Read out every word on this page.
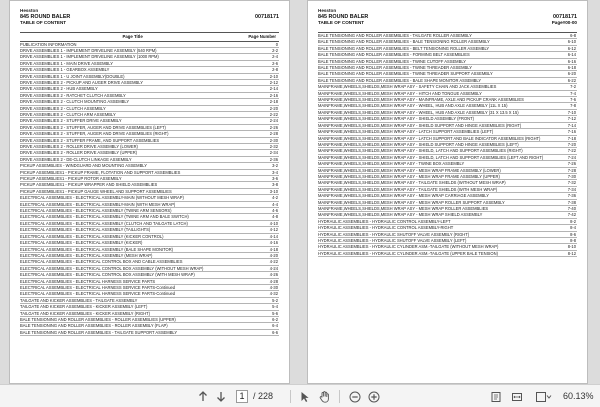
Hesston
845 ROUND BALER
TABLE OF CONTENT
00718171
Page Title	Page Number
PUBLICATION INFORMATION	0
DRIVE ASSEMBLIES 1 - IMPLEMENT DRIVELINE ASSEMBLY (540 RPM)	2-2
DRIVE ASSEMBLIES 1 - IMPLEMENT DRIVELINE ASSEMBLY (1000 RPM)	2-4
DRIVE ASSEMBLIES 1 - MAIN DRIVE ASSEMBLY	2-6
DRIVE ASSEMBLIES 1 - GEARBOX ASSEMBLY	2-8
DRIVE ASSEMBLIES 1 - U JOINT ASSEMBLY(DOUBLE)	2-10
DRIVE ASSEMBLIES 2 - PICKUP AND AUGER DRIVE ASSEMBLY	2-12
DRIVE ASSEMBLIES 2 - HUB ASSEMBLY	2-14
DRIVE ASSEMBLIES 2 - RATCHET CLUTCH ASSEMBLY	2-16
DRIVE ASSEMBLIES 2 - CLUTCH MOUNTING ASSEMBLY	2-18
DRIVE ASSEMBLIES 2 - CLUTCH ASSEMBLY	2-20
DRIVE ASSEMBLIES 2 - CLUTCH ARM ASSEMBLY	2-22
DRIVE ASSEMBLIES 2 - STUFFER DRIVE ASSEMBLY	2-24
DRIVE ASSEMBLIES 2 - STUFFER, AUGER AND DRIVE ASSEMBLIES (LEFT)	2-26
DRIVE ASSEMBLIES 2 - STUFFER, AUGER AND DRIVE ASSEMBLIES (RIGHT)	2-28
DRIVE ASSEMBLIES 2 - STUFFER FRAME, AND SUPPORT ASSEMBLIES	2-30
DRIVE ASSEMBLIES 2 - ROLLER DRIVE ASSEMBLY (LOWER)	2-32
DRIVE ASSEMBLIES 2 - ROLLER DRIVE ASSEMBLY (UPPER)	2-34
DRIVE ASSEMBLIES 2 - DE-CLUTCH LINKAGE ASSEMBLY	2-36
PICKUP ASSEMBLIES - WINDGUARD AND MOUNTING ASSEMBLY	3-2
PICKUP ASSEMBLIES1 - PICKUP FRAME, FLOTATION AND SUPPORT ASSEMBLIES	3-4
PICKUP ASSEMBLIES1 - PICKUP ROTOR ASSEMBLY	3-6
PICKUP ASSEMBLIES1 - PICKUP WRAPPER AND SHIELD ASSEMBLIES	3-8
PICKUP ASSEMBLIES1 - PICKUP GAUGE WHEEL AND SUPPORT ASSEMBLIES	3-10
ELECTRICAL ASSEMBLIES - ELECTRICAL ASSEMBLY-MAIN (WITHOUT MESH WRAP)	4-2
ELECTRICAL ASSEMBLIES - ELECTRICAL ASSEMBLY-MAIN (WITH MESH WRAP)	4-4
ELECTRICAL ASSEMBLIES - ELECTRICAL ASSEMBLY (TWINE ARM SENSORS)	4-6
ELECTRICAL ASSEMBLIES - ELECTRICAL ASSEMBLY (TWINE ARM AND BALE SWITCH)	4-8
ELECTRICAL ASSEMBLIES - ELECTRICAL ASSEMBLY (CLUTCH AND TAILGATE LATCH)	4-10
ELECTRICAL ASSEMBLIES - ELECTRICAL ASSEMBLY (TAILLIGHTS)	4-12
ELECTRICAL ASSEMBLIES - ELECTRICAL ASSEMBLY (KICKER CONTROL)	4-14
ELECTRICAL ASSEMBLIES - ELECTRICAL ASSEMBLY (KICKER)	4-16
ELECTRICAL ASSEMBLIES - ELECTRICAL ASSEMBLY (BALE SHAPE MONITOR)	4-18
ELECTRICAL ASSEMBLIES - ELECTRICAL ASSEMBLY (MESH WRAP)	4-20
ELECTRICAL ASSEMBLIES - ELECTRICAL CONTROL BOX AND CABLE ASSEMBLIES	4-22
ELECTRICAL ASSEMBLIES - ELECTRICAL CONTROL BOX ASSEMBLY (WITHOUT MESH WRAP)	4-24
ELECTRICAL ASSEMBLIES - ELECTRICAL CONTROL BOX ASSEMBLY (WITH MESH WRAP)	4-26
ELECTRICAL ASSEMBLIES - ELECTRICAL HARNESS SERVICE PARTS	4-28
ELECTRICAL ASSEMBLIES - ELECTRICAL HARNESS SERVICE PARTS-Continued	4-30
ELECTRICAL ASSEMBLIES - ELECTRICAL HARNESS SERVICE PARTS-Continued	4-32
TAILGATE AND KICKER ASSEMBLIES - TAILGATE ASSEMBLY	5-2
TAILGATE AND KICKER ASSEMBLIES - KICKER ASSEMBLY (LEFT)	5-4
TAILGATE AND KICKER ASSEMBLIES - KICKER ASSEMBLY (RIGHT)	5-6
BALE TENSIONING AND ROLLER ASSEMBLIES - ROLLER ASSEMBLIES (UPPER)	6-2
BALE TENSIONING AND ROLLER ASSEMBLIES - ROLLER ASSEMBLY (FLAP)	6-4
BALE TENSIONING AND ROLLER ASSEMBLIES - TAILGATE SUPPORT ASSEMBLY	6-6
Hesston
845 ROUND BALER
TABLE OF CONTENT
00718171
Page#00-00
BALE TENSIONING AND ROLLER ASSEMBLIES - TAILGATE ROLLER ASSEMBLY	6-8
BALE TENSIONING AND ROLLER ASSEMBLIES - BALE TENSIONING ROLLER ASSEMBLY	6-10
BALE TENSIONING AND ROLLER ASSEMBLIES - BELT TENSIONING ROLLER ASSEMBLY	6-12
BALE TENSIONING AND ROLLER ASSEMBLIES - FORMING BELT ASSEMBLIES	6-14
BALE TENSIONING AND ROLLER ASSEMBLIES - TWINE CUTOFF ASSEMBLY	6-16
BALE TENSIONING AND ROLLER ASSEMBLIES - TWINE THREADER ASSEMBLY	6-18
BALE TENSIONING AND ROLLER ASSEMBLIES - TWINE THREADER SUPPORT ASSEMBLY	6-20
BALE TENSIONING AND ROLLER ASSEMBLIES - BALE SHAPE MONITOR ASSEMBLY	6-22
MAINFRAME,WHEELS,SHIELDS,MESH WRAP ASY - SAFETY CHAIN AND JACK ASSEMBLIES	7-2
MAINFRAME,WHEELS,SHIELDS,MESH WRAP ASY - HITCH AND TONGUE ASSEMBLY	7-4
MAINFRAME,WHEELS,SHIELDS,MESH WRAP ASY - MAINFRAME, AXLE AND PICKUP CRANK ASSEMBLIES	7-6
MAINFRAME,WHEELS,SHIELDS,MESH WRAP ASY - WHEEL, HUB AND AXLE ASSEMBLY (11L X 15)	7-8
MAINFRAME,WHEELS,SHIELDS,MESH WRAP ASY - WHEEL, HUB AND AXLE ASSEMBLY (31 X 13.5 X 15)	7-10
MAINFRAME,WHEELS,SHIELDS,MESH WRAP ASY - SHIELD ASSEMBLY (FRONT)	7-12
MAINFRAME,WHEELS,SHIELDS,MESH WRAP ASY - SHIELD SUPPORT AND HINGE ASSEMBLIES (RIGHT)	7-14
MAINFRAME,WHEELS,SHIELDS,MESH WRAP ASY - LATCH SUPPORT ASSEMBLIES (LEFT)	7-16
MAINFRAME,WHEELS,SHIELDS,MESH WRAP ASY - LATCH SUPPORT AND BALE INDICATOR ASSEMBLIES (RIGHT)	7-18
MAINFRAME,WHEELS,SHIELDS,MESH WRAP ASY - SHIELD SUPPORT AND HINGE ASSEMBLIES (LEFT)	7-20
MAINFRAME,WHEELS,SHIELDS,MESH WRAP ASY - SHIELD, LATCH AND SUPPORT ASSEMBLIES (RIGHT)	7-22
MAINFRAME,WHEELS,SHIELDS,MESH WRAP ASY - SHIELD, LATCH AND SUPPORT ASSEMBLIES (LEFT AND RIGHT)	7-24
MAINFRAME,WHEELS,SHIELDS,MESH WRAP ASY - TWINE BOX ASSEMBLY	7-26
MAINFRAME,WHEELS,SHIELDS,MESH WRAP ASY - MESH WRAP FRAME ASSEMBLY (LOWER)	7-28
MAINFRAME,WHEELS,SHIELDS,MESH WRAP ASY - MESH WRAP FRAME ASSEMBLY (UPPER)	7-30
MAINFRAME,WHEELS,SHIELDS,MESH WRAP ASY - TAILGATE SHIELDS (WITHOUT MESH WRAP)	7-32
MAINFRAME,WHEELS,SHIELDS,MESH WRAP ASY - TAILGATE SHIELDS (WITH MESH WRAP)	7-34
MAINFRAME,WHEELS,SHIELDS,MESH WRAP ASY - MESH WRAP CARRIAGE ASSEMBLY	7-36
MAINFRAME,WHEELS,SHIELDS,MESH WRAP ASY - MESH WRAP ROLLER SUPPORT ASSEMBLY	7-38
MAINFRAME,WHEELS,SHIELDS,MESH WRAP ASY - MESH WRAP ROLLER ASSEMBLIES	7-40
MAINFRAME,WHEELS,SHIELDS,MESH WRAP ASY - MESH WRAP SHIELD ASSEMBLY	7-42
HYDRAULIC ASSEMBLIES - HYDRAULIC CONTROL ASSEMBLY-LEFT	8-2
HYDRAULIC ASSEMBLIES - HYDRAULIC CONTROL ASSEMBLY-RIGHT	8-4
HYDRAULIC ASSEMBLIES - HYDRAULIC SHUTOFF VALVE ASSEMBLY (RIGHT)	8-6
HYDRAULIC ASSEMBLIES - HYDRAULIC SHUTOFF VALVE ASSEMBLY (LEFT)	8-8
HYDRAULIC ASSEMBLIES - HYDRAULIC CYLINDER ASM.-TAILGATE (WITHOUT MESH WRAP)	8-10
HYDRAULIC ASSEMBLIES - HYDRAULIC CYLINDER ASM.-TAILGATE (UPPER BALE TENSION)	8-12
1 / 228	60.13%
